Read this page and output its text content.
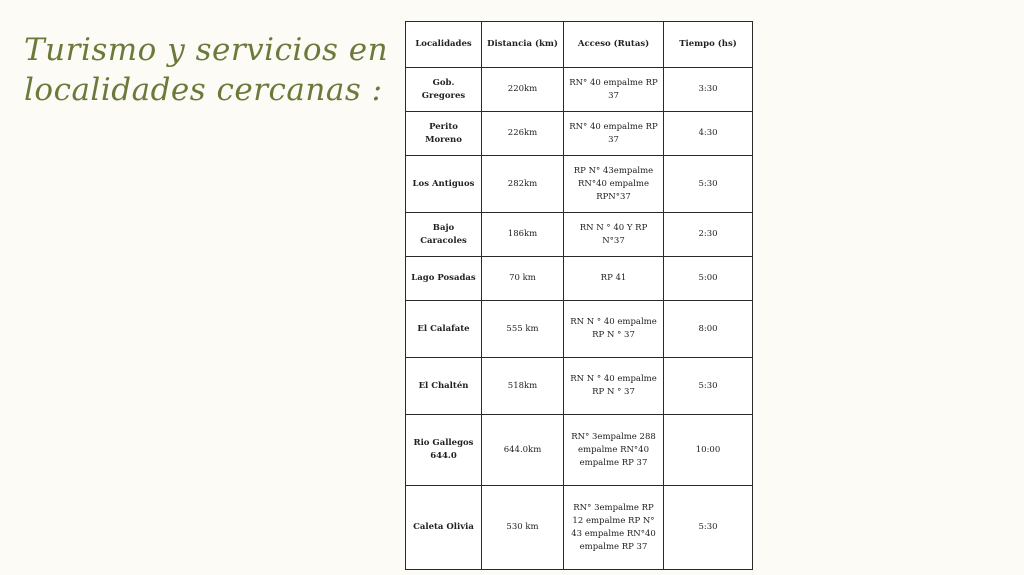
Turismo y servicios en
localidades cercanas :
Localidades	Distancia (km)	Acceso (Rutas)	Tiempo (hs)
Gob. Gregores	220km	RN° 40 empalme RP 37	3:30
Perito Moreno	226km	RN° 40 empalme RP 37	4:30
Los Antiguos	282km	RP N° 43empalme RN°40 empalme RPN°37	5:30
Bajo Caracoles	186km	RN N ° 40 Y RP N°37	2:30
Lago Posadas	70 km	RP 41	5:00
El Calafate	555 km	RN N ° 40 empalme RP N ° 37	8:00
El Chaltén	518km	RN N ° 40 empalme RP N ° 37	5:30
Rio Gallegos 644.0	644.0km	RN° 3empalme 288 empalme RN°40 empalme RP 37	10:00
Caleta Olivia	530 km	RN° 3empalme RP 12 empalme RP N° 43 empalme RN°40 empalme RP 37	5:30
